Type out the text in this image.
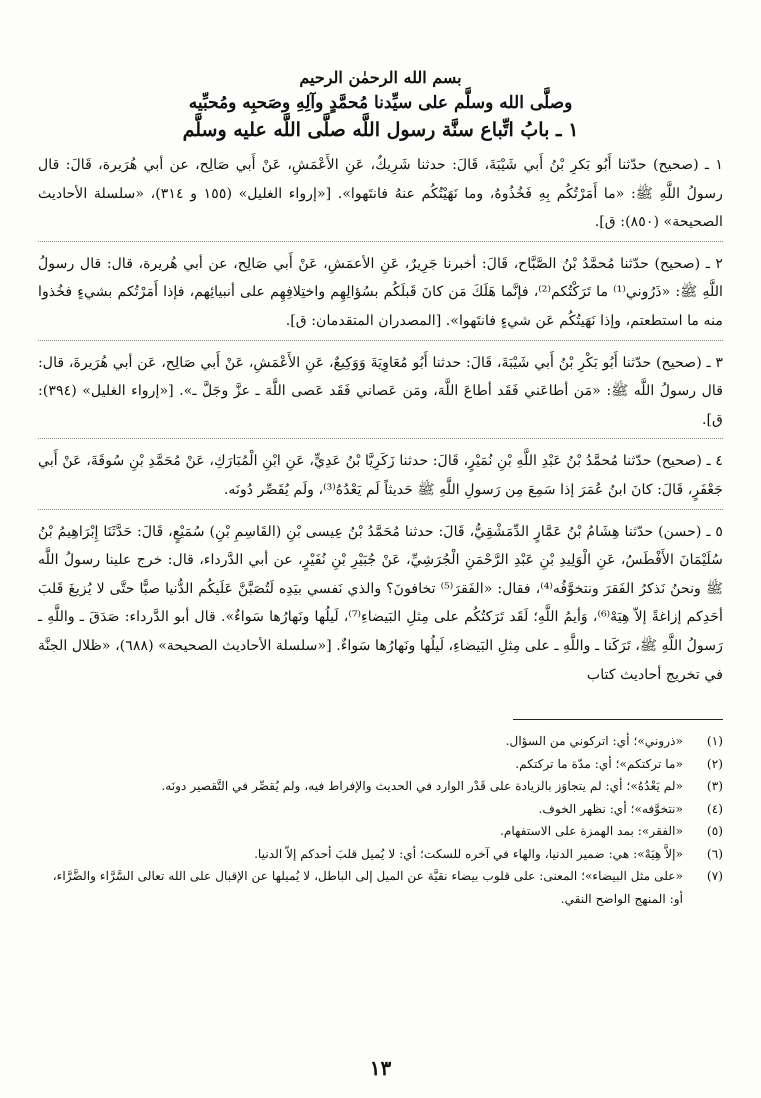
بسم الله الرحمٰن الرحيم
وصلَّى الله وسلَّم على سيِّدنا مُحمَّدٍ وآلِهِ وصَحبِه ومُحبِّيه
١ ـ بابُ اتِّباع سنَّة رسول اللَّه صلَّى اللَّه عليه وسلَّم

١ ـ (صحيح) حدّثنا أَبُو بَكرِ بْنُ أَبي شَيْبَةَ، قَالَ: حدثنا شَرِيكٌ، عَنِ الأَعْمَشِ، عَنْ أَبي صَالِح، عن أبي هُرَيرة، قَالَ: قال رسولُ اللَّهِ ﷺ: «ما أَمَرْتُكُم بِهِ فَخُذُوهُ، وما نَهَيْتُكُم عنهُ فانتَهوا». [«إرواء الغليل» (١٥٥ و ٣١٤)، «سلسلة الأحاديث الصحيحة» (٨٥٠): ق].

٢ ـ (صحيح) حدّثنا مُحمَّدُ بْنُ الصَّبَّاح، قَالَ: أخبرنا جَرِيرٌ، عَنِ الأعمَشِ، عَنْ أَبي صَالِح، عن أبي هُريرة، قال: قال رسولُ اللَّهِ ﷺ: «ذَرُوني⁽¹⁾ ما تَرَكْتُكم⁽²⁾، فإنَّما هَلَكَ مَن كانَ قَبلَكُم بسُؤالِهِم واختِلافِهِم على أنبيائِهم، فإذا أَمَرْتُكم بشيءٍ فخُذوا منه ما استطعتم، وإذا نَهَيتُكُم عَن شيءٍ فانتَهوا». [المصدران المتقدمان: ق].

٣ ـ (صحيح) حدّثنا أَبُو بَكْرِ بْنُ أَبي شَيْبَةَ، قَالَ: حدثنا أَبُو مُعَاوِيَةَ وَوَكِيعٌ، عَنِ الأَعْمَشِ، عَنْ أَبي صَالِح، عَن أبي هُرَيرةَ، قال: قال رسولُ اللَّه ﷺ: «مَن أطاعَني فَقَد أطاعَ اللَّهَ، ومَن عَصاني فَقَد عَصى اللَّهَ ـ عزَّ وجَلَّ ـ». [«إرواء الغليل» (٣٩٤): ق].

٤ ـ (صحيح) حدّثنا مُحمَّدُ بْنُ عَبْدِ اللَّهِ بْنِ نُمَيْرٍ، قَالَ: حدثنا زَكَرِيَّا بْنُ عَدِيٍّ، عَنِ ابْنِ الْمُبَارَكِ، عَنْ مُحَمَّدِ بْنِ سُوقَةَ، عَنْ أَبي جَعْفَرٍ، قَالَ: كانَ ابنُ عُمَرَ إذا سَمِعَ مِن رَسولِ اللَّهِ ﷺ حَديثاً لَم يَعْدُهُ⁽³⁾، ولَم يُقَصِّر دُونَه.

٥ ـ (حسن) حدّثنا هِشَامُ بْنُ عَمَّارٍ الدِّمَشْقِيُّ، قَالَ: حدثنا مُحَمَّدُ بْنُ عِيسى بْنِ (القَاسِمِ بْنِ) سُمَيْعٍ، قَالَ: حَدَّثَنَا إِبْرَاهِيمُ بْنُ سُلَيْمَانَ الأَفْطَسُ، عَنِ الْوَلِيدِ بْنِ عَبْدِ الرَّحْمَنِ الْجُرَشِيِّ، عَنْ جُبَيْرِ بْنِ نُفَيْرٍ، عن أبي الدَّرداء، قال: خرج علينا رسولُ اللَّه ﷺ ونحنُ نَذكرُ الفَقرَ ونتخوَّفُه⁽⁴⁾، فقال: «الفَقرَ⁽⁵⁾ تخافونَ؟ والذي نَفسي بيَدِه لَتُصَبَّنَّ عَلَيكُم الدُّنيا صبًّا حتَّى لا يُزيغَ قَلبَ أحَدِكم إزاغةً إلاّ هِيَهْ⁽⁶⁾، وَأيمُ اللَّهِ؛ لَقَد تَرَكتُكُم على مِثلِ البَيضاءِ⁽⁷⁾، لَيلُها ونَهارُها سَواءٌ». قال أبو الدَّرداء: صَدَقَ ـ واللَّهِ ـ رَسولُ اللَّهِ ﷺ، تَرَكَنا ـ واللَّهِ ـ على مِثلِ البَيضاءِ، لَيلُها ونَهارُها سَواءٌ. [«سلسلة الأحاديث الصحيحة» (٦٨٨)، «ظلال الجنَّة في تخريج أحاديث كتاب

(١)
«ذروني»؛ أي: اتركوني من السؤال.
(٢)
«ما تركتكم»؛ أي: مدّة ما تركتكم.
(٣)
«لم يَعْدُهُ»؛ أي: لم يتجاوَز بالزيادة على قَدْر الوارد في الحديث والإفراط فيه، ولم يُقصِّر في التَّقصير دونَه.
(٤)
«نتخوَّفه»؛ أي: نظهر الخوف.
(٥)
«الفقر»: بمد الهمزة على الاستفهام.
(٦)
«إلاَّ هِيَهْ»: هي: ضمير الدنيا، والهاء في آخره للسكت؛ أي: لا يُميل قلبَ أحدكم إلاّ الدنيا.
(٧)
«على مثل البيضاء»؛ المعنى: على قلوب بيضاء نقيَّة عن الميل إلى الباطل، لا يُميلها عن الإقبال على الله تعالى السَّرَّاء والضَّرَّاء، أو: المنهج الواضح النقي.
١٣
